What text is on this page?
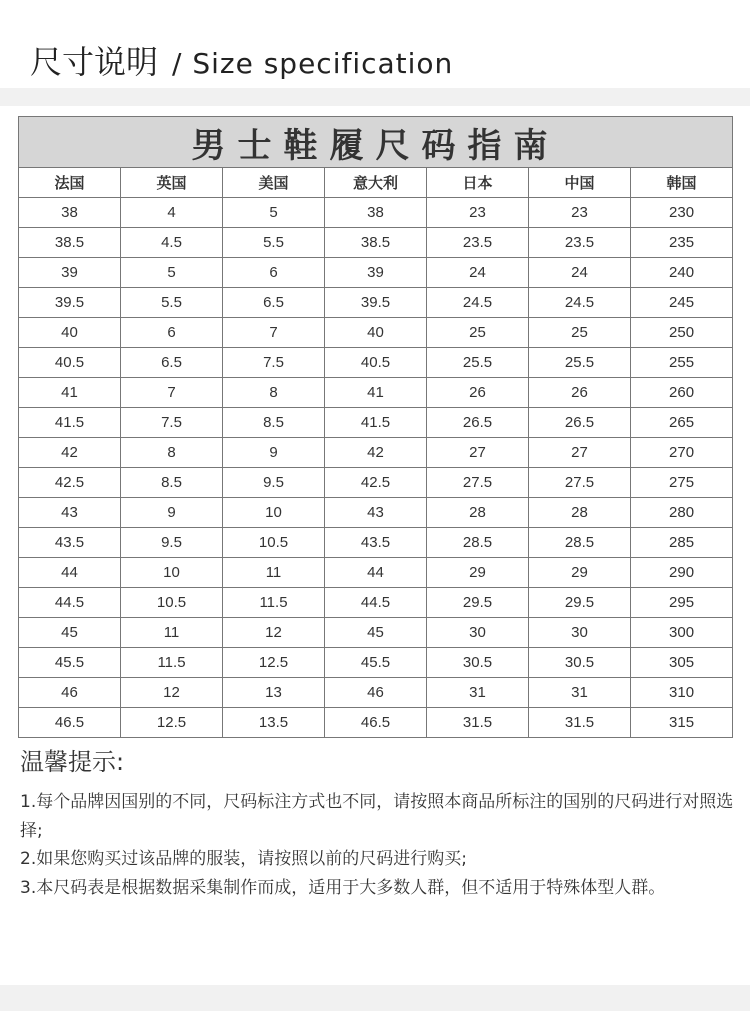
尺寸说明 / Size specification
男士鞋履尺码指南						
法国	英国	美国	意大利	日本	中国	韩国
38	4	5	38	23	23	230
38.5	4.5	5.5	38.5	23.5	23.5	235
39	5	6	39	24	24	240
39.5	5.5	6.5	39.5	24.5	24.5	245
40	6	7	40	25	25	250
40.5	6.5	7.5	40.5	25.5	25.5	255
41	7	8	41	26	26	260
41.5	7.5	8.5	41.5	26.5	26.5	265
42	8	9	42	27	27	270
42.5	8.5	9.5	42.5	27.5	27.5	275
43	9	10	43	28	28	280
43.5	9.5	10.5	43.5	28.5	28.5	285
44	10	11	44	29	29	290
44.5	10.5	11.5	44.5	29.5	29.5	295
45	11	12	45	30	30	300
45.5	11.5	12.5	45.5	30.5	30.5	305
46	12	13	46	31	31	310
46.5	12.5	13.5	46.5	31.5	31.5	315
温馨提示:

1.每个品牌因国别的不同，尺码标注方式也不同，请按照本商品所标注的国别的尺码进行对照选择;

2.如果您购买过该品牌的服装，请按照以前的尺码进行购买;

3.本尺码表是根据数据采集制作而成，适用于大多数人群，但不适用于特殊体型人群。
